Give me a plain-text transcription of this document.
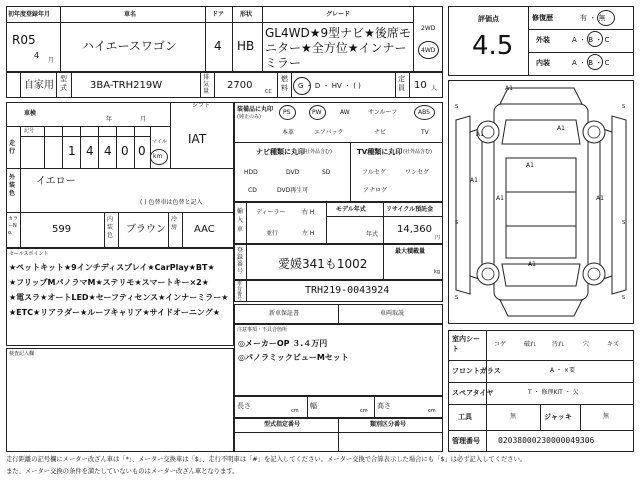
初年度登録年月
R05
4
月
車名
ハイエースワゴン
ドア
4
形状
HB
グレード
GL4WD★9型ナビ★後席モニター★全方位★インナーミラー
2WD
4WD
自家用
型式 3BA-TRH219W
排気量
2700
CC
燃料 G ・ D ・ HV ・ ( )
定員 10 人
評価点
4.5
修復歴	有 ・ 無
外装	A ・ B ・ C
内装	A ・ B ・ C
車検
年	月
シフト
IAT
走行
記号
1 4 4 0 0
マイル
km
外装色
イエロー
( ) 色替車は色替と記入
カラーNo.	599
内装色
ブラウン
冷房 AAC
装備品に丸印
(純正のみ)
PS	PW	AW	サンルーフ	ABS
本革	エアバック	ナビ	TV
ナビ種類に丸印
(社外品含む)
HDD	DVD	SD
CD	DVD再生可
TV種類に丸印 (社外品含む)
フルセグ	ワンセグ
アナログ
輸入車
ディーラー
並行
右 H
左 H
モデル年式
年式
リサイクル預託金
14,360
円
登録番号
愛媛341も1002
最大積載量
kg
車台番号
TRH219-0043924
セールスポイント
★ペットキット★9インチディスプレイ★CarPlay★BT★
★フリップMパノラマM★ステリモ★スマートキー×2★
★電スラ★オートLED★セーフティセンス★インナーミラー★
★ETC★リアラダー★ルーフキャリア★サイドオーニング★	新車保証書	車両取説
注意事項・不具合箇所
◎メーカーOP ３.４万円
◎パノラミックビューMセット
検査記入欄
長さ
cm
幅
cm
高さ
cm
型式指定番号	類別区分番号
A1
A1
A1
A1
A1
A1	A1
A1
S	S
S	S
S	S
室内シート
コゲ	破れ	汚れ	穴	キズ
フロントガラス	A ・ ×要
スペアタイヤ	T ・ 修理KIT ・ 欠
工具	無	ジャッキ	無
管理番号 02038000230000049306
走行距離の記号欄にメーター改ざん車は「*」、メーター交換車は「$」、走行不明車は「#」を記入してください。メーター交換で合算表示した場合にも「$」は必ず記入してください。
また、メーター交換の条件を満たしていないものはメーター改ざん車となります。
